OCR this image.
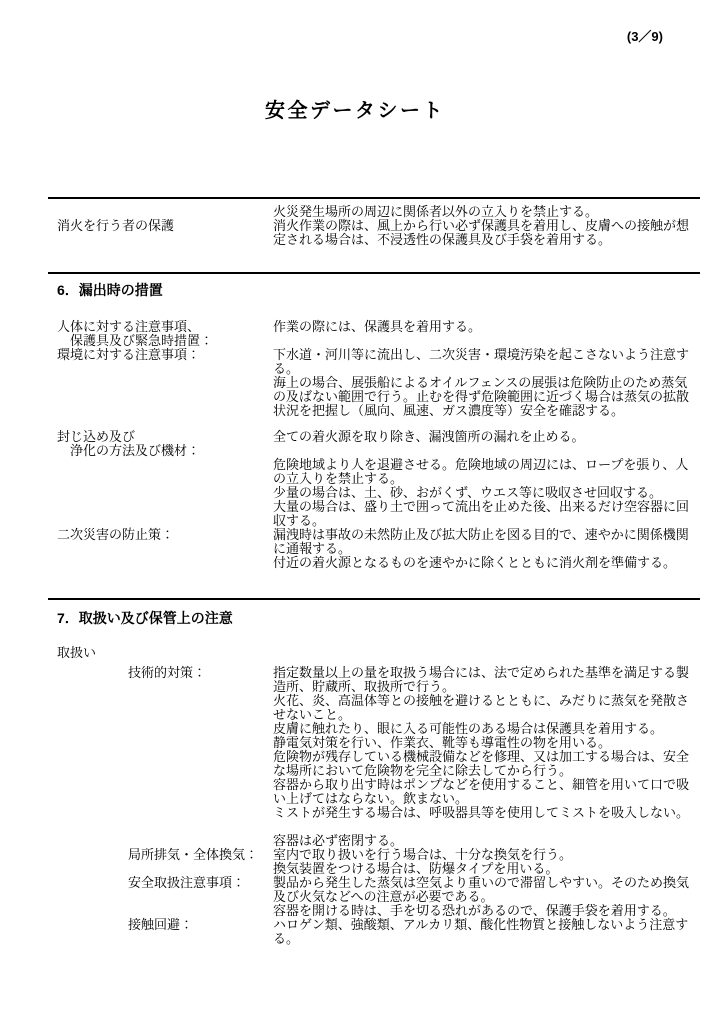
(3／9)
安全データシート
消火を行う者の保護
火災発生場所の周辺に関係者以外の立入りを禁止する。
消火作業の際は、風上から行い必ず保護具を着用し、皮膚への接触が想定される場合は、不浸透性の保護具及び手袋を着用する。
6．漏出時の措置
人体に対する注意事項、
　保護具及び緊急時措置：
作業の際には、保護具を着用する。
環境に対する注意事項：	下水道・河川等に流出し、二次災害・環境汚染を起こさないよう注意する。
海上の場合、展張船によるオイルフェンスの展張は危険防止のため蒸気の及ばない範囲で行う。止むを得ず危険範囲に近づく場合は蒸気の拡散状況を把握し（風向、風速、ガス濃度等）安全を確認する。
封じ込め及び
　浄化の方法及び機材：
全ての着火源を取り除き、漏洩箇所の漏れを止める。
危険地域より人を退避させる。危険地域の周辺には、ロープを張り、人の立入りを禁止する。
少量の場合は、土、砂、おがくず、ウエス等に吸収させ回収する。
大量の場合は、盛り土で囲って流出を止めた後、出来るだけ空容器に回収する。
二次災害の防止策：	漏洩時は事故の未然防止及び拡大防止を図る目的で、速やかに関係機関に通報する。
付近の着火源となるものを速やかに除くとともに消火剤を準備する。
7．取扱い及び保管上の注意
取扱い
技術的対策：	指定数量以上の量を取扱う場合には、法で定められた基準を満足する製造所、貯蔵所、取扱所で行う。
火花、炎、高温体等との接触を避けるとともに、みだりに蒸気を発散させないこと。
皮膚に触れたり、眼に入る可能性のある場合は保護具を着用する。
静電気対策を行い、作業衣、靴等も導電性の物を用いる。
危険物が残存している機械設備などを修理、又は加工する場合は、安全な場所において危険物を完全に除去してから行う。
容器から取り出す時はポンプなどを使用すること、細管を用いて口で吸い上げてはならない。飲まない。
ミストが発生する場合は、呼吸器具等を使用してミストを吸入しない。
容器は必ず密閉する。
局所排気・全体換気：	室内で取り扱いを行う場合は、十分な換気を行う。
換気装置をつける場合は、防爆タイプを用いる。
安全取扱注意事項：	製品から発生した蒸気は空気より重いので滞留しやすい。そのため換気及び火気などへの注意が必要である。
容器を開ける時は、手を切る恐れがあるので、保護手袋を着用する。
接触回避：	ハロゲン類、強酸類、アルカリ類、酸化性物質と接触しないよう注意する。
